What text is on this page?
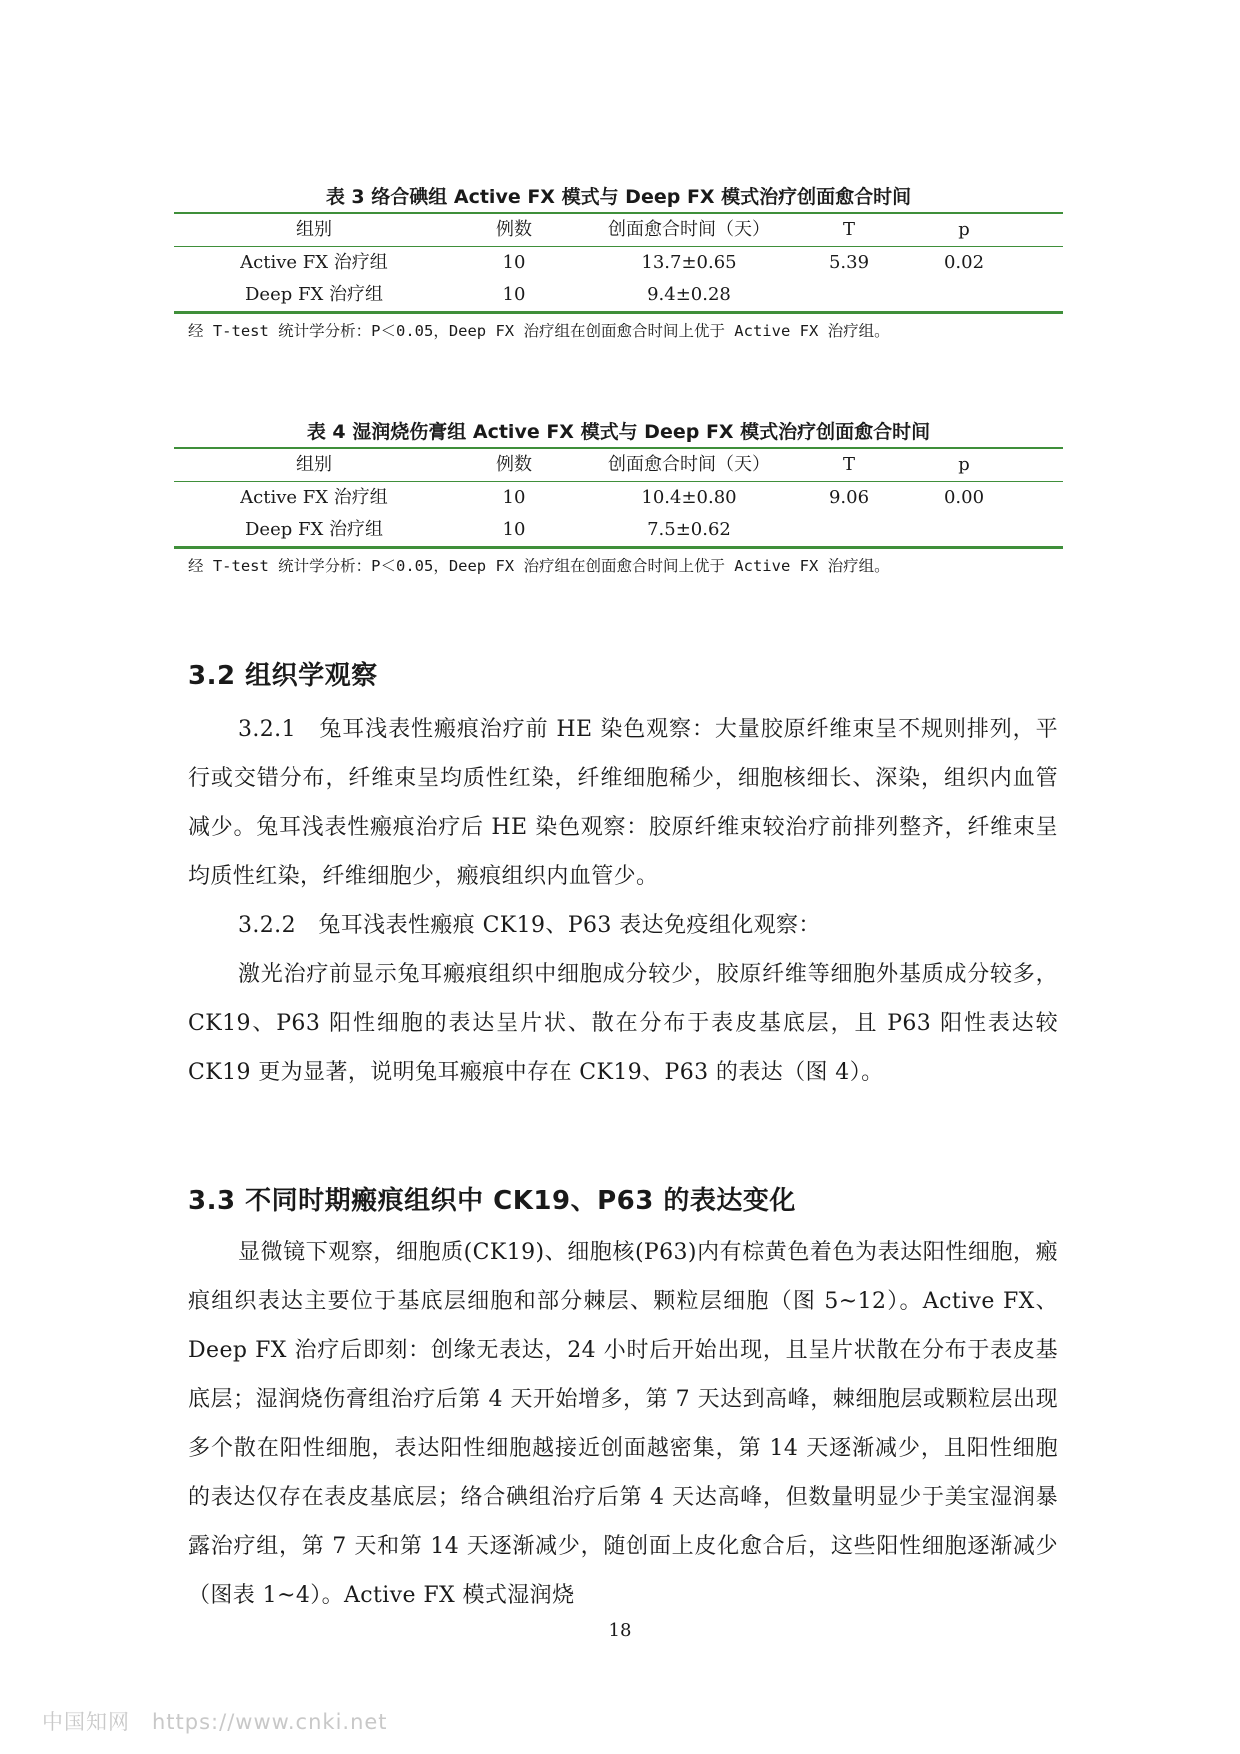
表 3 络合碘组 Active FX 模式与 Deep FX 模式治疗创面愈合时间
组别	例数	创面愈合时间（天）	T	p
Active FX 治疗组	10	13.7±0.65	5.39	0.02
Deep FX 治疗组	10	9.4±0.28
经 T-test 统计学分析：P＜0.05，Deep FX 治疗组在创面愈合时间上优于 Active FX 治疗组。
表 4 湿润烧伤膏组 Active FX 模式与 Deep FX 模式治疗创面愈合时间
组别	例数	创面愈合时间（天）	T	p
Active FX 治疗组	10	10.4±0.80	9.06	0.00
Deep FX 治疗组	10	7.5±0.62
经 T-test 统计学分析：P＜0.05，Deep FX 治疗组在创面愈合时间上优于 Active FX 治疗组。
3.2 组织学观察

3.2.1　兔耳浅表性瘢痕治疗前 HE 染色观察：大量胶原纤维束呈不规则排列，平行或交错分布，纤维束呈均质性红染，纤维细胞稀少，细胞核细长、深染，组织内血管减少。兔耳浅表性瘢痕治疗后 HE 染色观察：胶原纤维束较治疗前排列整齐，纤维束呈均质性红染，纤维细胞少，瘢痕组织内血管少。

3.2.2　兔耳浅表性瘢痕 CK19、P63 表达免疫组化观察：

激光治疗前显示兔耳瘢痕组织中细胞成分较少，胶原纤维等细胞外基质成分较多，CK19、P63 阳性细胞的表达呈片状、散在分布于表皮基底层，且 P63 阳性表达较 CK19 更为显著，说明兔耳瘢痕中存在 CK19、P63 的表达（图 4）。

3.3 不同时期瘢痕组织中 CK19、P63 的表达变化

显微镜下观察，细胞质(CK19)、细胞核(P63)内有棕黄色着色为表达阳性细胞，瘢痕组织表达主要位于基底层细胞和部分棘层、颗粒层细胞（图 5~12）。Active FX、Deep FX 治疗后即刻：创缘无表达，24 小时后开始出现，且呈片状散在分布于表皮基底层；湿润烧伤膏组治疗后第 4 天开始增多，第 7 天达到高峰，棘细胞层或颗粒层出现多个散在阳性细胞，表达阳性细胞越接近创面越密集，第 14 天逐渐减少，且阳性细胞的表达仅存在表皮基底层；络合碘组治疗后第 4 天达高峰，但数量明显少于美宝湿润暴露治疗组，第 7 天和第 14 天逐渐减少，随创面上皮化愈合后，这些阳性细胞逐渐减少（图表 1~4）。Active FX 模式湿润烧

18
中国知网　https://www.cnki.net
